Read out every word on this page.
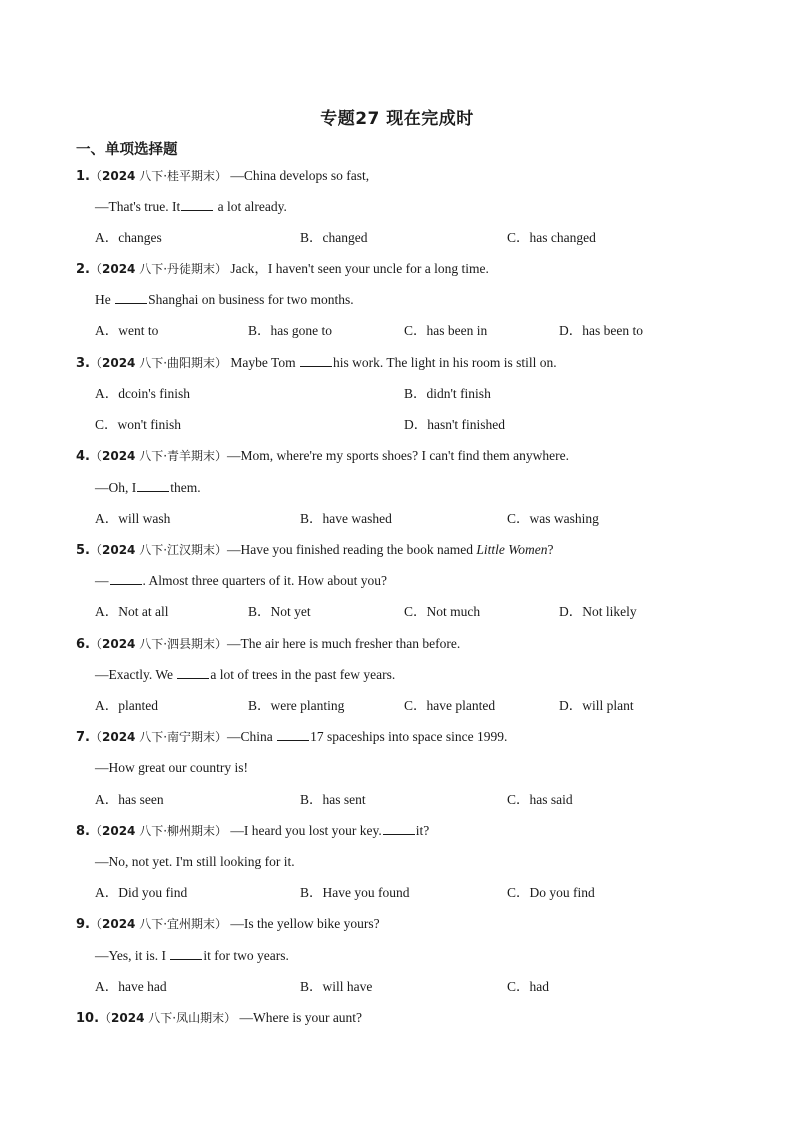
专题27 现在完成时
一、单项选择题
1.（2024 八下·桂平期末） —China develops so fast,
—That's true. It	a lot already.
A．changes	B．changed	C．has changed
2.（2024 八下·丹徒期末） Jack，I haven't seen your uncle for a long time.
He	Shanghai on business for two months.
A．went to	B．has gone to	C．has been in	D．has been to
3.（2024 八下·曲阳期末） Maybe Tom	his work. The light in his room is still on.
A．dcoin's finish	B．didn't finish
C．won't finish	D．hasn't finished
4.（2024 八下·青羊期末）—Mom, where're my sports shoes? I can't find them anywhere.
—Oh, I	them.
A．will wash	B．have washed	C．was washing
5.（2024 八下·江汉期末）—Have you finished reading the book named Little Women?
—	. Almost three quarters of it. How about you?
A．Not at all	B．Not yet	C．Not much	D．Not likely
6.（2024 八下·泗县期末）—The air here is much fresher than before.
—Exactly. We	a lot of trees in the past few years.
A．planted	B．were planting	C．have planted	D．will plant
7.（2024 八下·南宁期末）—China	17 spaceships into space since 1999.
—How great our country is!
A．has seen	B．has sent	C．has said
8.（2024 八下·柳州期末） —I heard you lost your key.	it?
—No, not yet. I'm still looking for it.
A．Did you find	B．Have you found	C．Do you find
9.（2024 八下·宜州期末） —Is the yellow bike yours?
—Yes, it is. I	it for two years.
A．have had	B．will have	C．had
10.（2024 八下·凤山期末） —Where is your aunt?
